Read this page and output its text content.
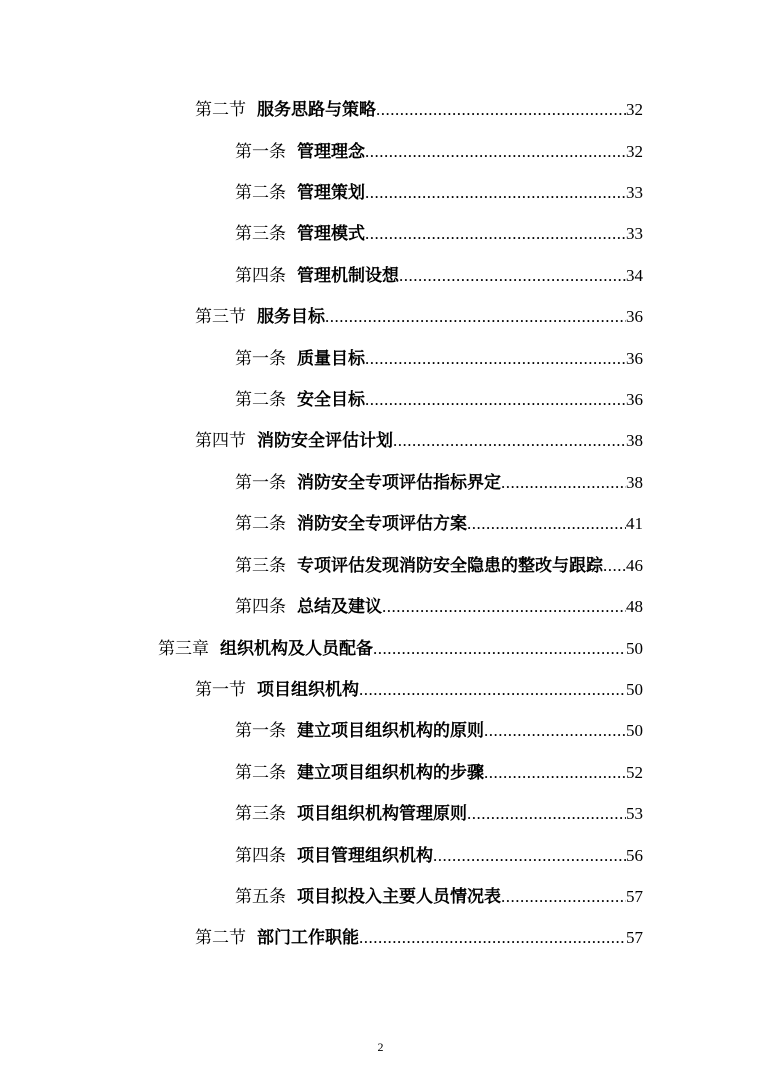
第二节 服务思路与策略 .....	32
第一条 管理理念 .....	32
第二条 管理策划 .....	33
第三条 管理模式 .....	33
第四条 管理机制设想 .....	34
第三节 服务目标 .....	36
第一条 质量目标 .....	36
第二条 安全目标 .....	36
第四节 消防安全评估计划 .....	38
第一条 消防安全专项评估指标界定 .....	38
第二条 消防安全专项评估方案 .....	41
第三条 专项评估发现消防安全隐患的整改与跟踪 ..... 46
第四条 总结及建议 .....	48
第三章 组织机构及人员配备 .....	50
第一节 项目组织机构 .....	50
第一条 建立项目组织机构的原则 .....	50
第二条 建立项目组织机构的步骤 .....	52
第三条 项目组织机构管理原则 .....	53
第四条 项目管理组织机构 .....	56
第五条 项目拟投入主要人员情况表 .....	57
第二节 部门工作职能 .....	57
2
